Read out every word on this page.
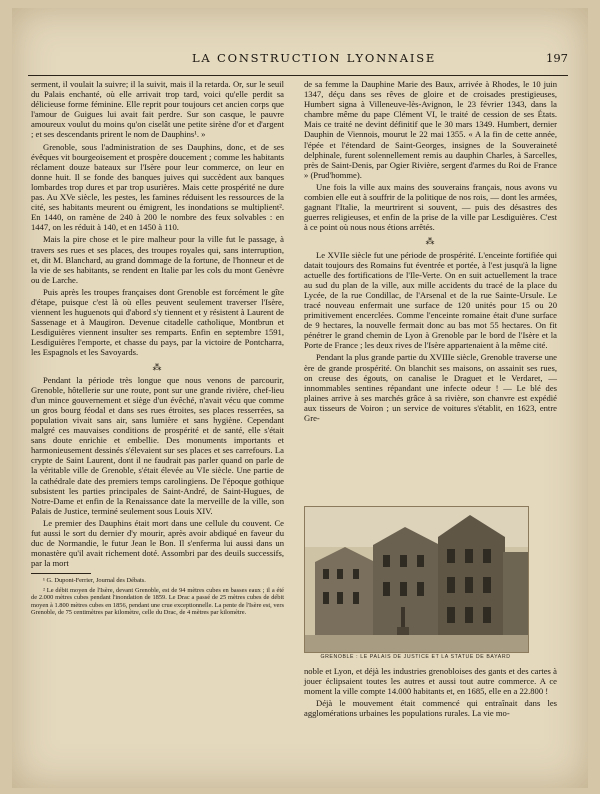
LA CONSTRUCTION LYONNAISE	197

serment, il voulait la suivre; il la suivit, mais il la retarda. Or, sur le seuil du Palais enchanté, où elle arrivait trop tard, voici qu'elle perdit sa délicieuse forme féminine. Elle reprit pour toujours cet ancien corps que l'amour de Guigues lui avait fait perdre. Sur son casque, le pauvre amoureux voulut du moins qu'on ciselât une petite sirène d'or et d'argent ; et ses descendants prirent le nom de Dauphins¹. »

Grenoble, sous l'administration de ses Dauphins, donc, et de ses évêques vit bourgeoisement et prospère doucement ; comme les habitants réclament douze bateaux sur l'Isère pour leur commerce, on leur en donne huit. Il se fonde des banques juives qui succèdent aux banques lombardes trop dures et par trop usurières. Mais cette prospérité ne dure pas. Au XVe siècle, les pestes, les famines réduisent les ressources de la cité, ses habitants meurent ou émigrent, les inondations se multiplient². En 1440, on ramène de 240 à 200 le nombre des feux solvables : en 1447, on les réduit à 140, et en 1450 à 110.

Mais la pire chose et le pire malheur pour la ville fut le passage, à travers ses rues et ses places, des troupes royales qui, sans interruption, et, dit M. Blanchard, au grand dommage de la fortune, de l'honneur et de la vie de ses habitants, se rendent en Italie par les cols du mont Genèvre ou de Larche.

Puis après les troupes françaises dont Grenoble est forcément le gîte d'étape, puisque c'est là où elles peuvent seulement traverser l'Isère, viennent les huguenots qui d'abord s'y tiennent et y résistent à Laurent de Sassenage et à Maugiron. Devenue citadelle catholique, Montbrun et Lesdiguières viennent insulter ses remparts. Enfin en septembre 1591, Lesdiguières l'emporte, et chasse du pays, par la victoire de Pontcharra, les Espagnols et les Savoyards.

⁂

Pendant la période très longue que nous venons de parcourir, Grenoble, hôtellerie sur une route, pont sur une grande rivière, chef-lieu d'un mince gouvernement et siège d'un évêché, n'avait vécu que comme un gros bourg féodal et dans ses rues étroites, ses places resserrées, sa population vivait sans air, sans lumière et sans hygiène. Cependant malgré ces mauvaises conditions de prospérité et de santé, elle s'était sans doute enrichie et embellie. Des monuments importants et harmonieusement dessinés s'élevaient sur ses places et ses carrefours. La crypte de Saint Laurent, dont il ne faudrait pas parler quand on parle de la véritable ville de Grenoble, s'était élevée au VIe siècle. Une partie de la cathédrale date des premiers temps carolingiens. De l'époque gothique subsistent les parties principales de Saint-André, de Saint-Hugues, de Notre-Dame et enfin de la Renaissance date la merveille de la ville, son Palais de Justice, terminé seulement sous Louis XIV.

Le premier des Dauphins était mort dans une cellule du couvent. Ce fut aussi le sort du dernier d'y mourir, après avoir abdiqué en faveur du duc de Normandie, le futur Jean le Bon. Il s'enferma lui aussi dans un monastère qu'il avait richement doté. Assombri par des deuils successifs, par la mort

¹ G. Dupont-Ferrier, Journal des Débats.

² Le débit moyen de l'Isère, devant Grenoble, est de 94 mètres cubes en basses eaux ; il a été de 2.000 mètres cubes pendant l'inondation de 1859. Le Drac a passé de 25 mètres cubes de débit moyen à 1.800 mètres cubes en 1856, pendant une crue exceptionnelle. La pente de l'Isère est, vers Grenoble, de 75 centimètres par kilomètre, celle du Drac, de 4 mètres par kilomètre.

de sa femme la Dauphine Marie des Baux, arrivée à Rhodes, le 10 juin 1347, déçu dans ses rêves de gloire et de croisades prestigieuses, Humbert signa à Villeneuve-lès-Avignon, le 23 février 1343, dans la chambre même du pape Clément VI, le traité de cession de ses États. Mais ce traité ne devint définitif que le 30 mars 1349. Humbert, dernier Dauphin de Viennois, mourut le 22 mai 1355. « A la fin de cette année, l'épée et l'étendard de Saint-Georges, insignes de la Souveraineté delphinale, furent solennellement remis au dauphin Charles, à Sarcelles, près de Saint-Denis, par Ogier Rivière, sergent d'armes du Roi de France » (Prud'homme).

Une fois la ville aux mains des souverains français, nous avons vu combien elle eut à souffrir de la politique de nos rois, — dont les armées, gagnant l'Italie, la meurtrirent si souvent, — puis des désastres des guerres religieuses, et enfin de la prise de la ville par Lesdiguières. C'est à ce point où nous nous étions arrêtés.

⁂

Le XVIIe siècle fut une période de prospérité. L'enceinte fortifiée qui datait toujours des Romains fut éventrée et portée, à l'est jusqu'à la ligne actuelle des fortifications de l'Ile-Verte. On en suit actuellement la trace au sud du plan de la ville, aux mille accidents du tracé de la place du Lycée, de la rue Condillac, de l'Arsenal et de la rue Sainte-Ursule. Le tracé nouveau enfermait une surface de 120 unités pour 15 ou 20 primitivement encerclées. Comme l'enceinte romaine était d'une surface de 9 hectares, la nouvelle fermait donc au bas mot 55 hectares. On fit pénétrer le grand chemin de Lyon à Grenoble par le bord de l'Isère et la Porte de France ; les deux rives de l'Isère appartenaient à la même cité.

Pendant la plus grande partie du XVIIIe siècle, Grenoble traverse une ère de grande prospérité. On blanchit ses maisons, on assainit ses rues, on creuse des égouts, on canalise le Draguet et le Verdaret, — innommables sentines répandant une infecte odeur ! — Le blé des plaines arrive à ses marchés grâce à sa rivière, son chanvre est expédié aux tisseurs de Voiron ; un service de voitures s'établit, en 1623, entre Gre-

GRENOBLE : LE PALAIS DE JUSTICE ET LA STATUE DE BAYARD

noble et Lyon, et déjà les industries grenobloises des gants et des cartes à jouer éclipsaient toutes les autres et aussi tout autre commerce. A ce moment la ville compte 14.000 habitants et, en 1685, elle en a 22.800 !

Déjà le mouvement était commencé qui entraînait dans les agglomérations urbaines les populations rurales. La vie mo-
